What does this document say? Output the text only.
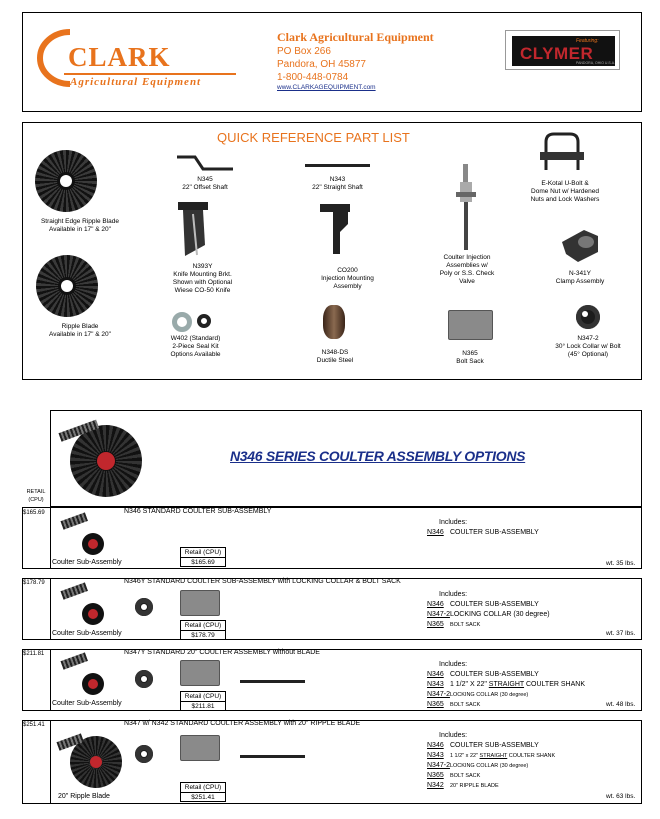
CLARK
Agricultural Equipment
Clark Agricultural Equipment
PO Box 266
Pandora, OH 45877
1-800-448-0784
www.CLARKAGEQUIPMENT.com
Featuring:
CLYMER
PANDORA, OHIO U.S.A.
QUICK REFERENCE PART LIST
Straight Edge Ripple Blade
Available in 17" & 20"
Ripple Blade
Available in 17" & 20"
N345
22" Offset Shaft
N343
22" Straight Shaft
N393Y
Knife Mounting Brkt.
Shown with Optional
Wiese CO-50 Knife
CO200
Injection Mounting
Assembly
Coulter Injection
Assemblies w/
Poly or S.S. Check
Valve
E-Kotal U-Bolt &
Dome Nut w/ Hardened
Nuts and Lock Washers
N-341Y
Clamp Assembly
W402 (Standard)
2-Piece Seal Kit
Options Available	N348-DS
Ductile Steel
N365
Bolt Sack
N347-2
30° Lock Collar w/ Bolt
(45° Optional)
N346 SERIES COULTER ASSEMBLY OPTIONS
RETAIL
(CPU)
$165.69	N346 STANDARD COULTER SUB-ASSEMBLY
Coulter Sub-Assembly
Retail (CPU)
$165.69
Includes:
N346 COULTER SUB-ASSEMBLY
wt. 35 lbs.
$178.79	N346Y STANDARD COULTER SUB-ASSEMBLY with LOCKING COLLAR & BOLT SACK
Coulter Sub-Assembly
Retail (CPU)
$178.79
Includes:
N346 COULTER SUB-ASSEMBLY
N347-2 LOCKING COLLAR (30 degree)
N365 BOLT SACK
wt. 37 lbs.
$211.81	N347Y STANDARD 20" COULTER ASSEMBLY without BLADE
Coulter Sub-Assembly
Retail (CPU)
$211.81
Includes:
N346 COULTER SUB-ASSEMBLY
N343 1 1/2" X 22" STRAIGHT COULTER SHANK
N347-2 LOCKING COLLAR (30 degree)
N365 BOLT SACK	wt. 48 lbs.
$251.41	N347 w/ N342 STANDARD COULTER ASSEMBLY with 20" RIPPLE BLADE
20" Ripple Blade
Retail (CPU)
$251.41
Includes:
N346 COULTER SUB-ASSEMBLY
N343 1 1/2" x 22" STRAIGHT COULTER SHANK
N347-2 LOCKING COLLAR (30 degree)
N365 BOLT SACK
N342 20" RIPPLE BLADE
wt. 63 lbs.
